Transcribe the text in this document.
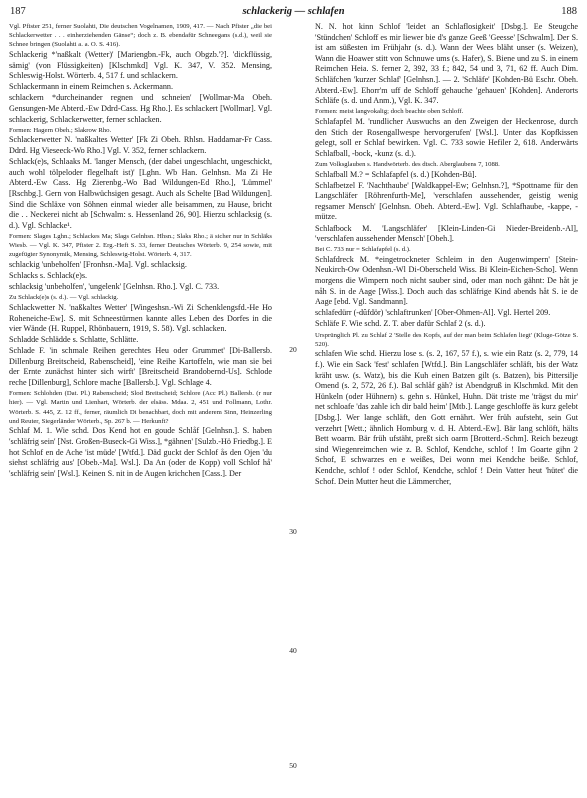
187	schlackerig — schlafen	188

Vgl. Pfister 251, ferner Suolahti, Die deutschen Vogelnamen, 1909, 417. — Nach Pfister „die bei Schlackerwetter . . . einherziehenden Gänse“; doch z. B. ebendafür Schneegans (s.d.), weil sie Schnee bringen (Suolahti a. a. O. S. 416).

Schlackerig *'naßkalt (Wetter)' [Mariengbn.-Fk, auch Obgzb.'?]. 'dickflüssig, sämig' (von Flüssigkeiten) [Klschmkd] Vgl. K. 347, V. 352. Mensing, Schleswig-Holst. Wörterb. 4, 517 f. und schlackern.

Schlackermann in einem Reimchen s. Ackermann.

schlackern *durcheinander regnen und schneien' [Wollmar-Ma Obeh. Gensungen-Me Abterd.-Ew Ddrd-Cass. Hg Rho.]. Es schlackert [Wollmar]. Vgl. schlackerig, Schlackerwetter, ferner schlacken.

Formen: Hagern Obeh.; Slakrow Rho.

Schlackerwetter N. 'naßkaltes Wetter' [Fk Zi Obeh. Rhlsn. Haddamar-Fr Cass. Ddrd. Hg Vieseeck-Wo Rho.] Vgl. V. 352, ferner schlackern.

Schlack(e)s, Schlaaks M. 'langer Mensch, (der dabei ungeschlacht, ungeschickt, auch wohl tölpeloder flegelhaft ist)' [Lghn. Wb Han. Gelnhsn. Ma Zi He Abterd.-Ew Cass. Hg Zierenbg.-Wo Bad Wildungen-Ed Rho.], 'Lümmel' [Rschbg.]. Gern von Halbwüchsigen gesagt. Auch als Schelte [Bad Wildungen]. Sind die Schläxe von Söhnen einmal wieder alle beisammen, zu Hause, bricht die . . Neckerei nicht ab [Schwalm: s. Hessenland 26, 90]. Hierzu schlacksig (s. d.). Vgl. Schlacke¹.

Formen: Slages Lghn.; Schlackes Ma; Slags Gelnhsn. Hhsn.; Slaks Rho.; ä sicher nur in Schläks Wiesb. — Vgl. K. 347, Pfister 2. Erg.-Heft S. 33, ferner Deutsches Wörterb. 9, 254 sowie, mit zugefügter Synonymik, Mensing, Schleswig-Holst. Wörterb. 4, 317.

schlackig 'unbeholfen' [Fronhsn.-Ma]. Vgl. schlacksig.

Schlacks s. Schlack(e)s.

schlacksig 'unbeholfen', 'ungelenk' [Gelnhsn. Rho.]. Vgl. C. 733.

Zu Schlack(e)s (s. d.). — Vgl. schlackig.

Schlackwetter N. 'naßkaltes Wetter' [Wingeshsn.-Wi Zi Schenklengsfd.-He Ho Roheneiche-Ew]. S. mit Schneestürmen kannte alles Leben des Dorfes in die vier Wände (H. Ruppel, Rhönbauern, 1919, S. 58). Vgl. schlacken.

Schladde Schlädde s. Schlatte, Schlätte.

Schlade F. 'in schmale Reihen gerechtes Heu oder Grummet' [Di-Ballersb. Dillenburg Breitscheid, Rabenscheid], 'eine Reihe Kartoffeln, wie man sie bei der Ernte zunächst hinter sich wirft' [Breitscheid Brandobernd-Us]. Schlode reche [Dillenburg], Schlore mache [Ballersb.]. Vgl. Schlage 4.

Formen: Schlohden (Dat. Pl.) Rabenscheid; Slod Breitscheid; Schlore (Acc Pl.) Ballersb. (r nur hier). — Vgl. Martin und Lienhart, Wörterb. der elsäss. Mdaa. 2, 451 und Follmann, Lothr. Wörterb. S. 445, Z. 12 ff., ferner, räumlich Di benachbart, doch mit anderem Sinn, Heinzerling und Reuter, Siegerländer Wörterb., Sp. 267 b. — Herkunft?

Schlaf M. 1. Wie schd. Dos Kend hot en goude Schlåf [Gelnhsn.]. S. haben 'schläfrig sein' [Nst. Großen-Buseck-Gi Wiss.], *gähnen' [Sulzb.-Hö Friedbg.]. E hot Schlof en de Ache 'ist müde' [Wtfd.]. Däd guckt der Schlof ås den Ojen 'du siehst schläfrig aus' [Obeb.-Ma]. Wsl.]. Da An (oder de Kopp) voll Schlof hå' 'schläfrig sein' [Wsl.]. Keinen S. nit in de Augen krichchen [Cass.]. Der

20
30
40
50

N. N. hot kinn Schlof 'leidet an Schlaflosigkeit' [Dsbg.]. Ee Steugche 'Stündchen' Schloff es mir liewer bie d's ganze Geeß 'Geesse' [Schwalm]. Der S. ist am süßesten im Frühjahr (s. d.). Wann der Wees bläht unser (s. Weizen), Wann die Hoawer stitt von Schnuwe ums (s. Hafer), S. Biene und zu S. in einem Reimchen Heia. S. ferner 2, 392, 33 f.; 842, 54 und 3, 71, 62 ff. Auch Dim. Schläfchen 'kurzer Schlaf' [Gelnhsn.]. — 2. 'Schläfe' [Kohden-Bü Eschr. Obeh. Abterd.-Ew]. Ehorr'm uff de Schloff gehauche 'gehauen' [Kohden]. Anderorts Schläfe (s. d. und Anm.), Vgl. K. 347.

Formen: meist langvokalig; doch beachte oben Schloff.

Schlafapfel M. 'rundlicher Auswuchs an den Zweigen der Heckenrose, durch den Stich der Rosengallwespe hervorgerufen' [Wsl.]. Unter das Kopfkissen gelegt, soll er Schlaf bewirken. Vgl. C. 733 sowie Hefiler 2, 618. Anderwärts Schlafball, -bock, -kunz (s. d.).

Zum Volksglauben s. Handwörterb. des dtsch. Aberglaubens 7, 1088.

Schlafball M.? = Schlafapfel (s. d.) [Kohden-Bü].

Schlafbetzel F. 'Nachthaube' [Waldkappel-Ew; Gelnhsn.?], *Spottname für den Langschläfer [Röhrenfurth-Me], 'verschlafen aussehender, geistig wenig regsamer Mensch' [Gelnhsn. Obeh. Abterd.-Ew]. Vgl. Schlafhaube, -kappe, -mütze.

Schlafbock M. 'Langschläfer' [Klein-Linden-Gi Nieder-Breidenb.-Al], 'verschlafen aussehender Mensch' [Obeh.].

Bei C. 733 nur = Schlafapfel (s. d.).

Schlafdreck M. *eingetrockneter Schleim in den Augenwimpern' [Stein-Neukirch-Ow Odenhsn.-Wl Di-Oberscheld Wiss. Bi Klein-Eichen-Scho]. Wenn morgens die Wimpern noch nicht sauber sind, oder man noch gähnt: De håt je nåh S. in de Aage [Wiss.]. Doch auch das schläfrige Kind abends håt S. ie de Aage [ebd. Vgl. Sandmann].

schlafedürr (-dûfdör) 'schlaftrunken' [Ober-Ohmen-Al]. Vgl. Hertel 209.

Schläfe F. Wie schd. Z. T. aber dafür Schlaf 2 (s. d.).

Ursprünglich Pl. zu Schlaf 2 'Stelle des Kopfs, auf der man beim Schlafen liegt' (Kluge-Götze S. 520).

schlafen Wie schd. Hierzu lose s. (s. 2, 167, 57 f.), s. wie ein Ratz (s. 2, 779, 14 f.). Wie ein Sack 'fest' schlafen [Wtfd.]. Bin Langschläfer schläft, bis der Watz kräht usw. (s. Watz), bis die Kuh einen Batzen gilt (s. Batzen), bis Pittersilje Omend (s. 2, 572, 26 f.). Bal schlåf gäh? ist Abendgruß in Klschmkd. Mit den Hünkeln (oder Hühnern) s. gehn s. Hünkel, Huhn. Dät triste me 'trägst du mir' net schloafe 'das zahle ich dir bald heim' [Mtb.]. Lange geschloffe äs kurz gelebt [Dsbg.]. Wer lange schläft, den Gott ernährt. Wer früh aufsteht, sein Gut verzehrt [Wett.; ähnlich Homburg v. d. H. Abterd.-Ew]. Bär lang schlöft, hälts Bett woarm. Bär früh ufstäht, preßt sich oarm [Brotterd.-Schm]. Reich bezeugt sind Wiegenreimchen wie z. B. Schlof, Kendche, schlof ! Im Goarte gihn 2 Schof, E schwarzes en e weißes, Dei wonn mei Kendche beiße. Schlof, Kendche, schlof ! oder Schlof, Kendche, schlof ! Dein Vatter heut 'hütet' die Schof. Dein Mutter heut die Lämmercher,
